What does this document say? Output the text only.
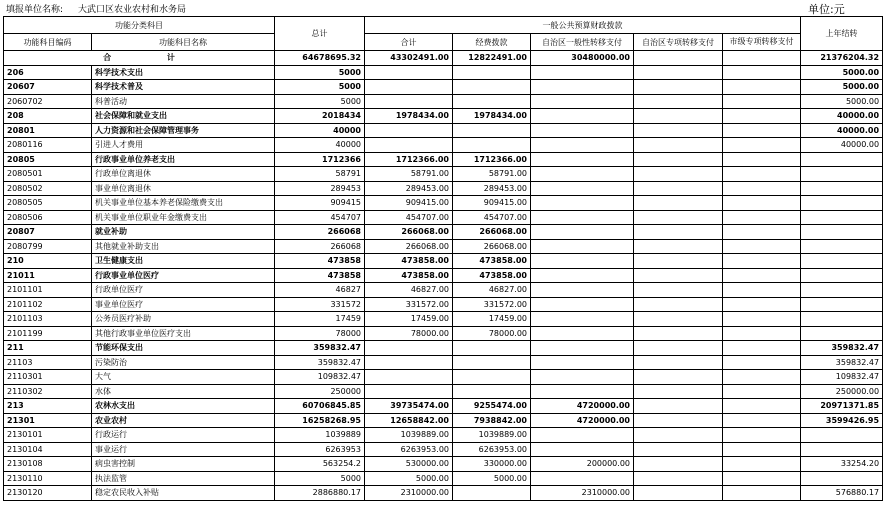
填报单位名称: 大武口区农业农村和水务局	单位:元
功能分类科目		总计	一般公共预算财政拨款					上年结转
功能科目编码	功能科目名称		合计	经费拨款	自治区一般性转移支付	自治区专项转移支付	市级专项转移支付	
合                    计		64678695.32	43302491.00	12822491.00	30480000.00			21376204.32
206	科学技术支出	5000						5000.00
20607	科学技术普及	5000						5000.00
2060702	科普活动	5000						5000.00
208	社会保障和就业支出	2018434	1978434.00	1978434.00				40000.00
20801	人力资源和社会保障管理事务	40000						40000.00
2080116	引进人才费用	40000						40000.00
20805	行政事业单位养老支出	1712366	1712366.00	1712366.00				
2080501	行政单位离退休	58791	58791.00	58791.00				
2080502	事业单位离退休	289453	289453.00	289453.00				
2080505	机关事业单位基本养老保险缴费支出	909415	909415.00	909415.00				
2080506	机关事业单位职业年金缴费支出	454707	454707.00	454707.00				
20807	就业补助	266068	266068.00	266068.00				
2080799	其他就业补助支出	266068	266068.00	266068.00				
210	卫生健康支出	473858	473858.00	473858.00				
21011	行政事业单位医疗	473858	473858.00	473858.00				
2101101	行政单位医疗	46827	46827.00	46827.00				
2101102	事业单位医疗	331572	331572.00	331572.00				
2101103	公务员医疗补助	17459	17459.00	17459.00				
2101199	其他行政事业单位医疗支出	78000	78000.00	78000.00				
211	节能环保支出	359832.47						359832.47
21103	污染防治	359832.47						359832.47
2110301	大气	109832.47						109832.47
2110302	水体	250000						250000.00
213	农林水支出	60706845.85	39735474.00	9255474.00	4720000.00			20971371.85
21301	农业农村	16258268.95	12658842.00	7938842.00	4720000.00			3599426.95
2130101	行政运行	1039889	1039889.00	1039889.00				
2130104	事业运行	6263953	6263953.00	6263953.00				
2130108	病虫害控制	563254.2	530000.00	330000.00	200000.00			33254.20
2130110	执法监管	5000	5000.00	5000.00				
2130120	稳定农民收入补贴	2886880.17	2310000.00		2310000.00			576880.17
